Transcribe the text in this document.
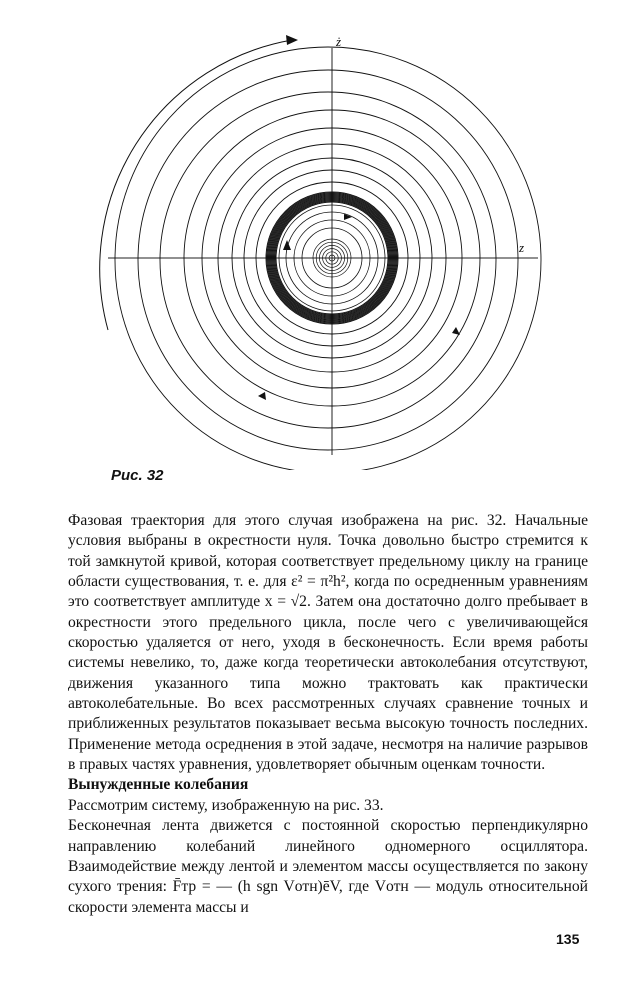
z
ż
Рис. 32

Фазовая траектория для этого случая изображена на рис. 32. Начальные условия выбраны в окрестности нуля. Точка довольно быстро стремится к той замкнутой кривой, которая соответствует предельному циклу на границе области существования, т. е. для ε² = π²h², когда по осредненным уравнениям это соответствует амплитуде x = √2. Затем она достаточно долго пребывает в окрестности этого предельного цикла, после чего с увеличивающейся скоростью удаляется от него, уходя в бесконечность. Если время работы системы невелико, то, даже когда теоретически автоколебания отсутствуют, движения указанного типа можно трактовать как практически автоколебательные. Во всех рассмотренных случаях сравнение точных и приближенных результатов показывает весьма высокую точность последних. Применение метода осреднения в этой задаче, несмотря на наличие разрывов в правых частях уравнения, удовлетворяет обычным оценкам точности.

Вынужденные колебания

Рассмотрим систему, изображенную на рис. 33.

Бесконечная лента движется с постоянной скоростью перпендикулярно направлению колебаний линейного одномерного осциллятора. Взаимодействие между лентой и элементом массы осуществляется по закону сухого трения: F̄тр = — (h sgn Vотн)ēV, где Vотн — модуль относительной скорости элемента массы и

135
